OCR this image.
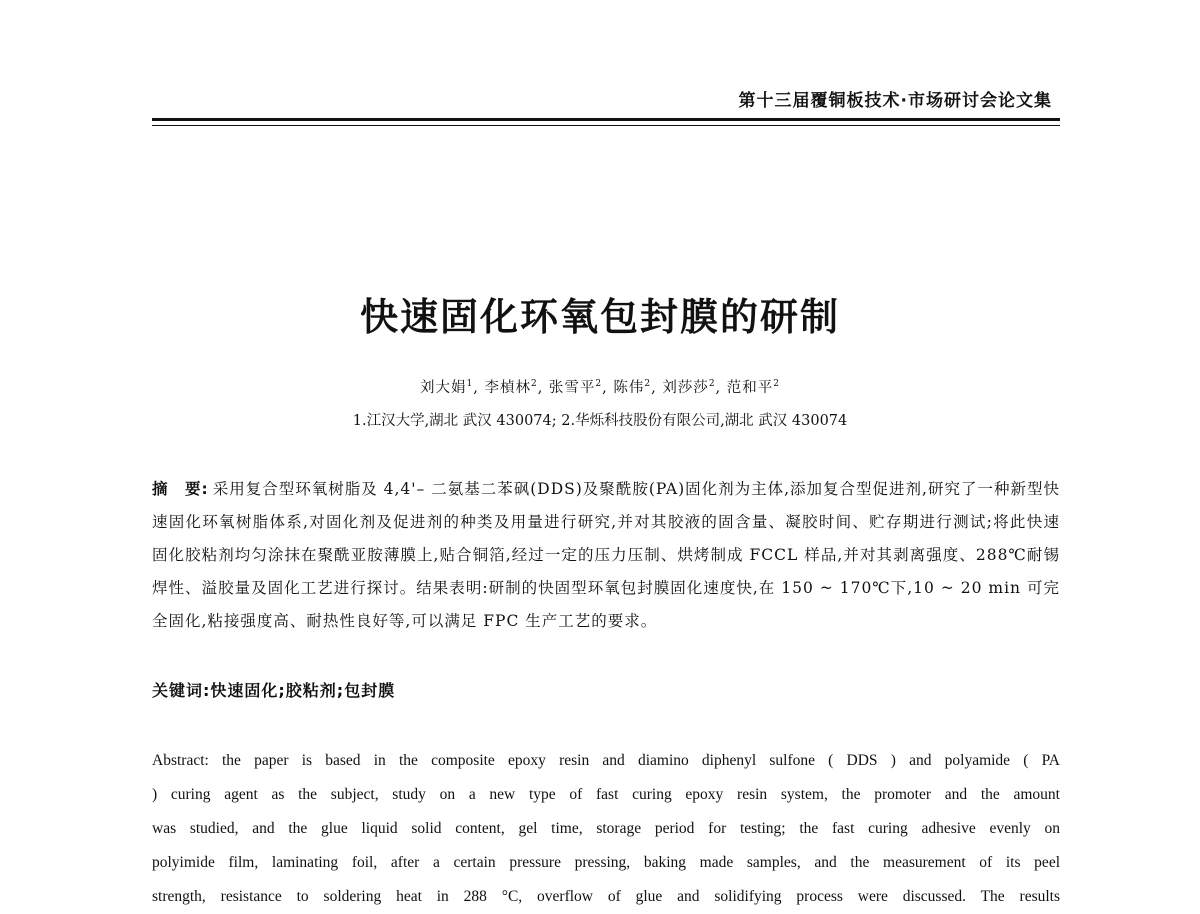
第十三届覆铜板技术·市场研讨会论文集
快速固化环氧包封膜的研制
刘大娟$^1$, 李楨林$^2$, 张雪平$^2$, 陈伟$^2$, 刘莎莎$^2$, 范和平$^2$
1.江汉大学,湖北 武汉 430074; 2.华烁科技股份有限公司,湖北 武汉 430074
摘　要: 采用复合型环氧树脂及 4,4'– 二氨基二苯砜(DDS)及聚酰胺(PA)固化剂为主体,添加复合型促进剂,研究了一种新型快速固化环氧树脂体系,对固化剂及促进剂的种类及用量进行研究,并对其胶液的固含量、凝胶时间、贮存期进行测试;将此快速固化胶粘剂均匀涂抹在聚酰亚胺薄膜上,贴合铜箔,经过一定的压力压制、烘烤制成 FCCL 样品,并对其剥离强度、288℃耐锡焊性、溢胶量及固化工艺进行探讨。结果表明:研制的快固型环氧包封膜固化速度快,在 150 ~ 170℃下,10 ~ 20 min 可完全固化,粘接强度高、耐热性良好等,可以满足 FPC 生产工艺的要求。
关键词:快速固化;胶粘剂;包封膜
Abstract: the paper is based in the composite epoxy resin and diamino diphenyl sulfone ( DDS ) and polyamide ( PA
) curing agent as the subject, study on a new type of fast curing epoxy resin system, the promoter and the amount
was studied, and the glue liquid solid content, gel time, storage period for testing; the fast curing adhesive evenly on
polyimide film, laminating foil, after a certain pressure pressing, baking made samples, and the measurement of its peel
strength, resistance to soldering heat in 288 °C, overflow of glue and solidifying process were discussed. The results
